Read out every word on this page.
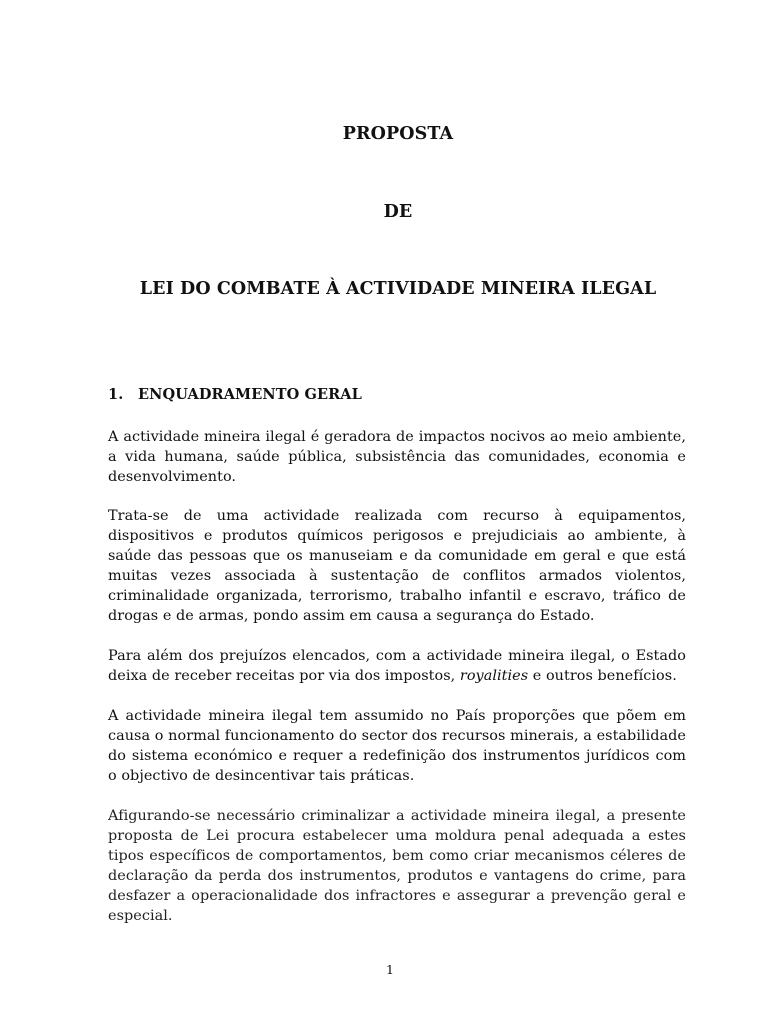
PROPOSTA
DE
LEI DO COMBATE À ACTIVIDADE MINEIRA ILEGAL
1. ENQUADRAMENTO GERAL

A actividade mineira ilegal é geradora de impactos nocivos ao meio ambiente, a vida humana, saúde pública, subsistência das comunidades, economia e desenvolvimento.

Trata-se de uma actividade realizada com recurso à equipamentos, dispositivos e produtos químicos perigosos e prejudiciais ao ambiente, à saúde das pessoas que os manuseiam e da comunidade em geral e que está muitas vezes associada à sustentação de conflitos armados violentos, criminalidade organizada, terrorismo, trabalho infantil e escravo, tráfico de drogas e de armas, pondo assim em causa a segurança do Estado.

Para além dos prejuízos elencados, com a actividade mineira ilegal, o Estado deixa de receber receitas por via dos impostos, royalities e outros benefícios.

A actividade mineira ilegal tem assumido no País proporções que põem em causa o normal funcionamento do sector dos recursos minerais, a estabilidade do sistema económico e requer a redefinição dos instrumentos jurídicos com o objectivo de desincentivar tais práticas.

Afigurando-se necessário criminalizar a actividade mineira ilegal, a presente proposta de Lei procura estabelecer uma moldura penal adequada a estes tipos específicos de comportamentos, bem como criar mecanismos céleres de declaração da perda dos instrumentos, produtos e vantagens do crime, para desfazer a operacionalidade dos infractores e assegurar a prevenção geral e especial.

1
